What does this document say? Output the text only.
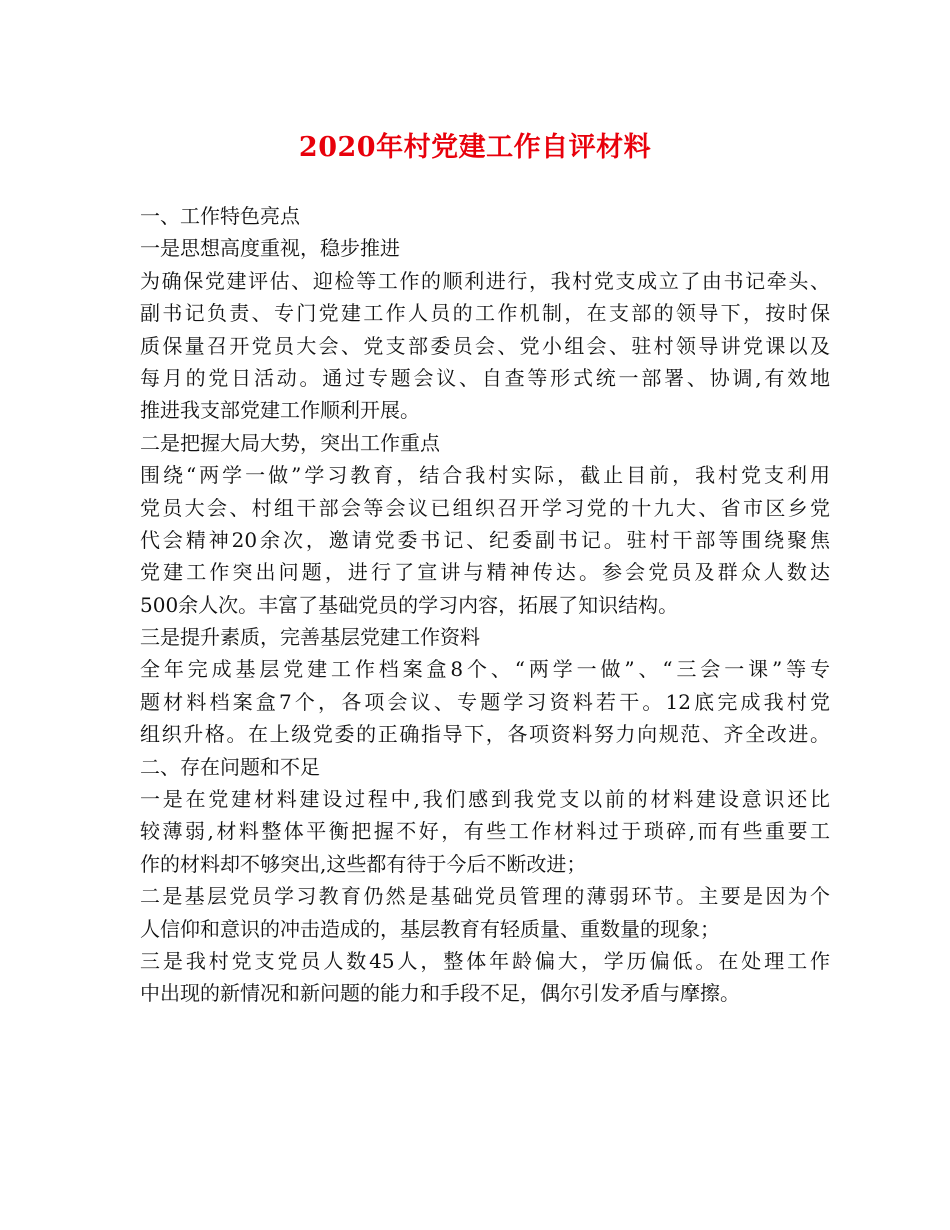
2020年村党建工作自评材料
一、工作特色亮点
一是思想高度重视，稳步推进
为确保党建评估、迎检等工作的顺利进行，我村党支成立了由书记牵头、
副书记负责、专门党建工作人员的工作机制，在支部的领导下，按时保
质保量召开党员大会、党支部委员会、党小组会、驻村领导讲党课以及
每月的党日活动。通过专题会议、自查等形式统一部署、协调,有效地
推进我支部党建工作顺利开展。
二是把握大局大势，突出工作重点
围绕“两学一做”学习教育，结合我村实际，截止目前，我村党支利用
党员大会、村组干部会等会议已组织召开学习党的十九大、省市区乡党
代会精神20余次，邀请党委书记、纪委副书记。驻村干部等围绕聚焦
党建工作突出问题，进行了宣讲与精神传达。参会党员及群众人数达
500余人次。丰富了基础党员的学习内容，拓展了知识结构。
三是提升素质，完善基层党建工作资料
全年完成基层党建工作档案盒8个、“两学一做”、“三会一课”等专
题材料档案盒7个，各项会议、专题学习资料若干。12底完成我村党
组织升格。在上级党委的正确指导下，各项资料努力向规范、齐全改进。
二、存在问题和不足
一是在党建材料建设过程中,我们感到我党支以前的材料建设意识还比
较薄弱,材料整体平衡把握不好，有些工作材料过于琐碎,而有些重要工
作的材料却不够突出,这些都有待于今后不断改进；
二是基层党员学习教育仍然是基础党员管理的薄弱环节。主要是因为个
人信仰和意识的冲击造成的，基层教育有轻质量、重数量的现象；
三是我村党支党员人数45人，整体年龄偏大，学历偏低。在处理工作
中出现的新情况和新问题的能力和手段不足，偶尔引发矛盾与摩擦。
